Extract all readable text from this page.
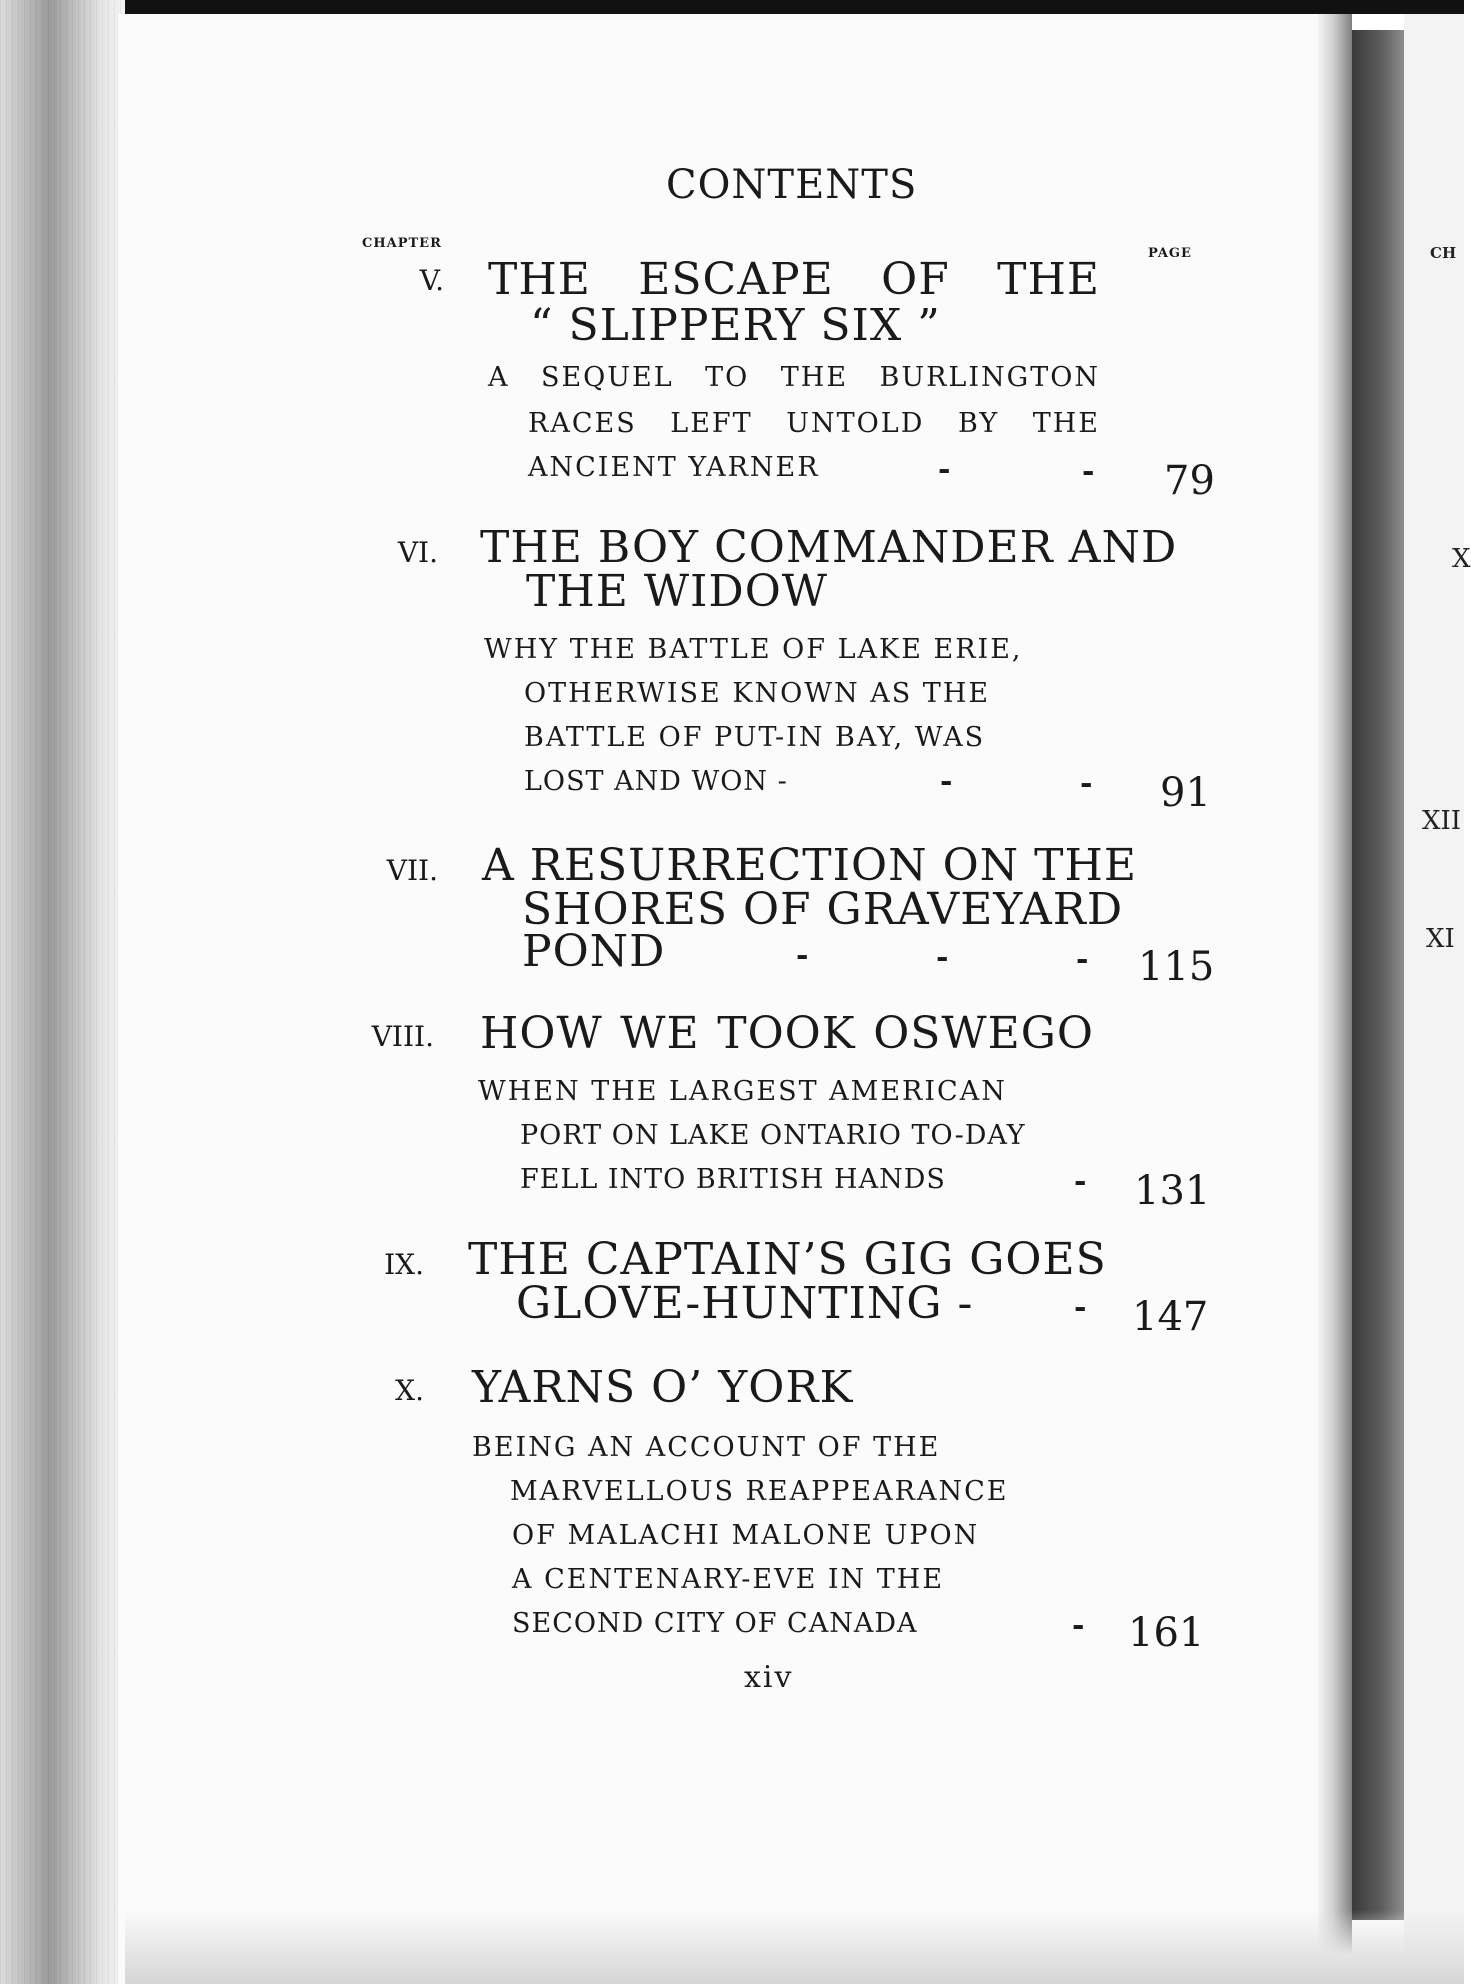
CH
X
XII
XI
CONTENTS
CHAPTER
PAGE
V. THE ESCAPE OF THE
“ SLIPPERY SIX ”
A SEQUEL TO THE BURLINGTON
RACES LEFT UNTOLD BY THE
ANCIENT YARNER	-	- 79
VI. THE BOY COMMANDER AND
THE WIDOW
WHY THE BATTLE OF LAKE ERIE,
OTHERWISE KNOWN AS THE
BATTLE OF PUT-IN BAY, WAS
LOST AND WON -	-	- 91
VII. A RESURRECTION ON THE
SHORES OF GRAVEYARD
POND	-	-	- 115
VIII. HOW WE TOOK OSWEGO
WHEN THE LARGEST AMERICAN
PORT ON LAKE ONTARIO TO-DAY
FELL INTO BRITISH HANDS	- 131
IX. THE CAPTAIN’S GIG GOES
GLOVE-HUNTING -	- 147
X. YARNS O’ YORK
BEING AN ACCOUNT OF THE
MARVELLOUS REAPPEARANCE
OF MALACHI MALONE UPON
A CENTENARY-EVE IN THE
SECOND CITY OF CANADA	- 161
xiv
